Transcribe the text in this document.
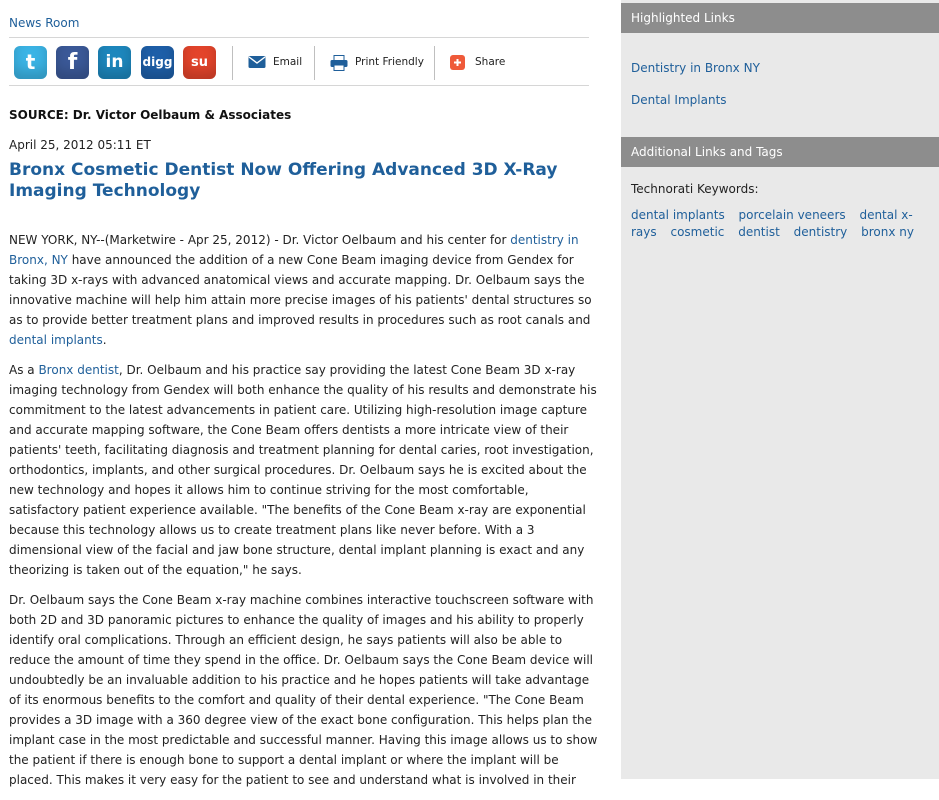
News Room
t	f	in	digg	su	Email	Print Friendly	Share
SOURCE: Dr. Victor Oelbaum & Associates
April 25, 2012 05:11 ET
Bronx Cosmetic Dentist Now Offering Advanced 3D X-Ray Imaging Technology

NEW YORK, NY--(Marketwire - Apr 25, 2012) - Dr. Victor Oelbaum and his center for dentistry in Bronx, NY have announced the addition of a new Cone Beam imaging device from Gendex for taking 3D x-rays with advanced anatomical views and accurate mapping. Dr. Oelbaum says the innovative machine will help him attain more precise images of his patients' dental structures so as to provide better treatment plans and improved results in procedures such as root canals and dental implants.

As a Bronx dentist, Dr. Oelbaum and his practice say providing the latest Cone Beam 3D x-ray imaging technology from Gendex will both enhance the quality of his results and demonstrate his commitment to the latest advancements in patient care. Utilizing high-resolution image capture and accurate mapping software, the Cone Beam offers dentists a more intricate view of their patients' teeth, facilitating diagnosis and treatment planning for dental caries, root investigation, orthodontics, implants, and other surgical procedures. Dr. Oelbaum says he is excited about the new technology and hopes it allows him to continue striving for the most comfortable, satisfactory patient experience available. "The benefits of the Cone Beam x-ray are exponential because this technology allows us to create treatment plans like never before. With a 3 dimensional view of the facial and jaw bone structure, dental implant planning is exact and any theorizing is taken out of the equation," he says.

Dr. Oelbaum says the Cone Beam x-ray machine combines interactive touchscreen software with both 2D and 3D panoramic pictures to enhance the quality of images and his ability to properly identify oral complications. Through an efficient design, he says patients will also be able to reduce the amount of time they spend in the office. Dr. Oelbaum says the Cone Beam device will undoubtedly be an invaluable addition to his practice and he hopes patients will take advantage of its enormous benefits to the comfort and quality of their dental experience. "The Cone Beam provides a 3D image with a 360 degree view of the exact bone configuration. This helps plan the implant case in the most predictable and successful manner. Having this image allows us to show the patient if there is enough bone to support a dental implant or where the implant will be placed. This makes it very easy for the patient to see and understand what is involved in their

Highlighted Links
Dentistry in Bronx NY
Dental Implants
Additional Links and Tags
Technorati Keywords:
dental implants porcelain veneers dental x-rays cosmetic dentist dentistry bronx ny
